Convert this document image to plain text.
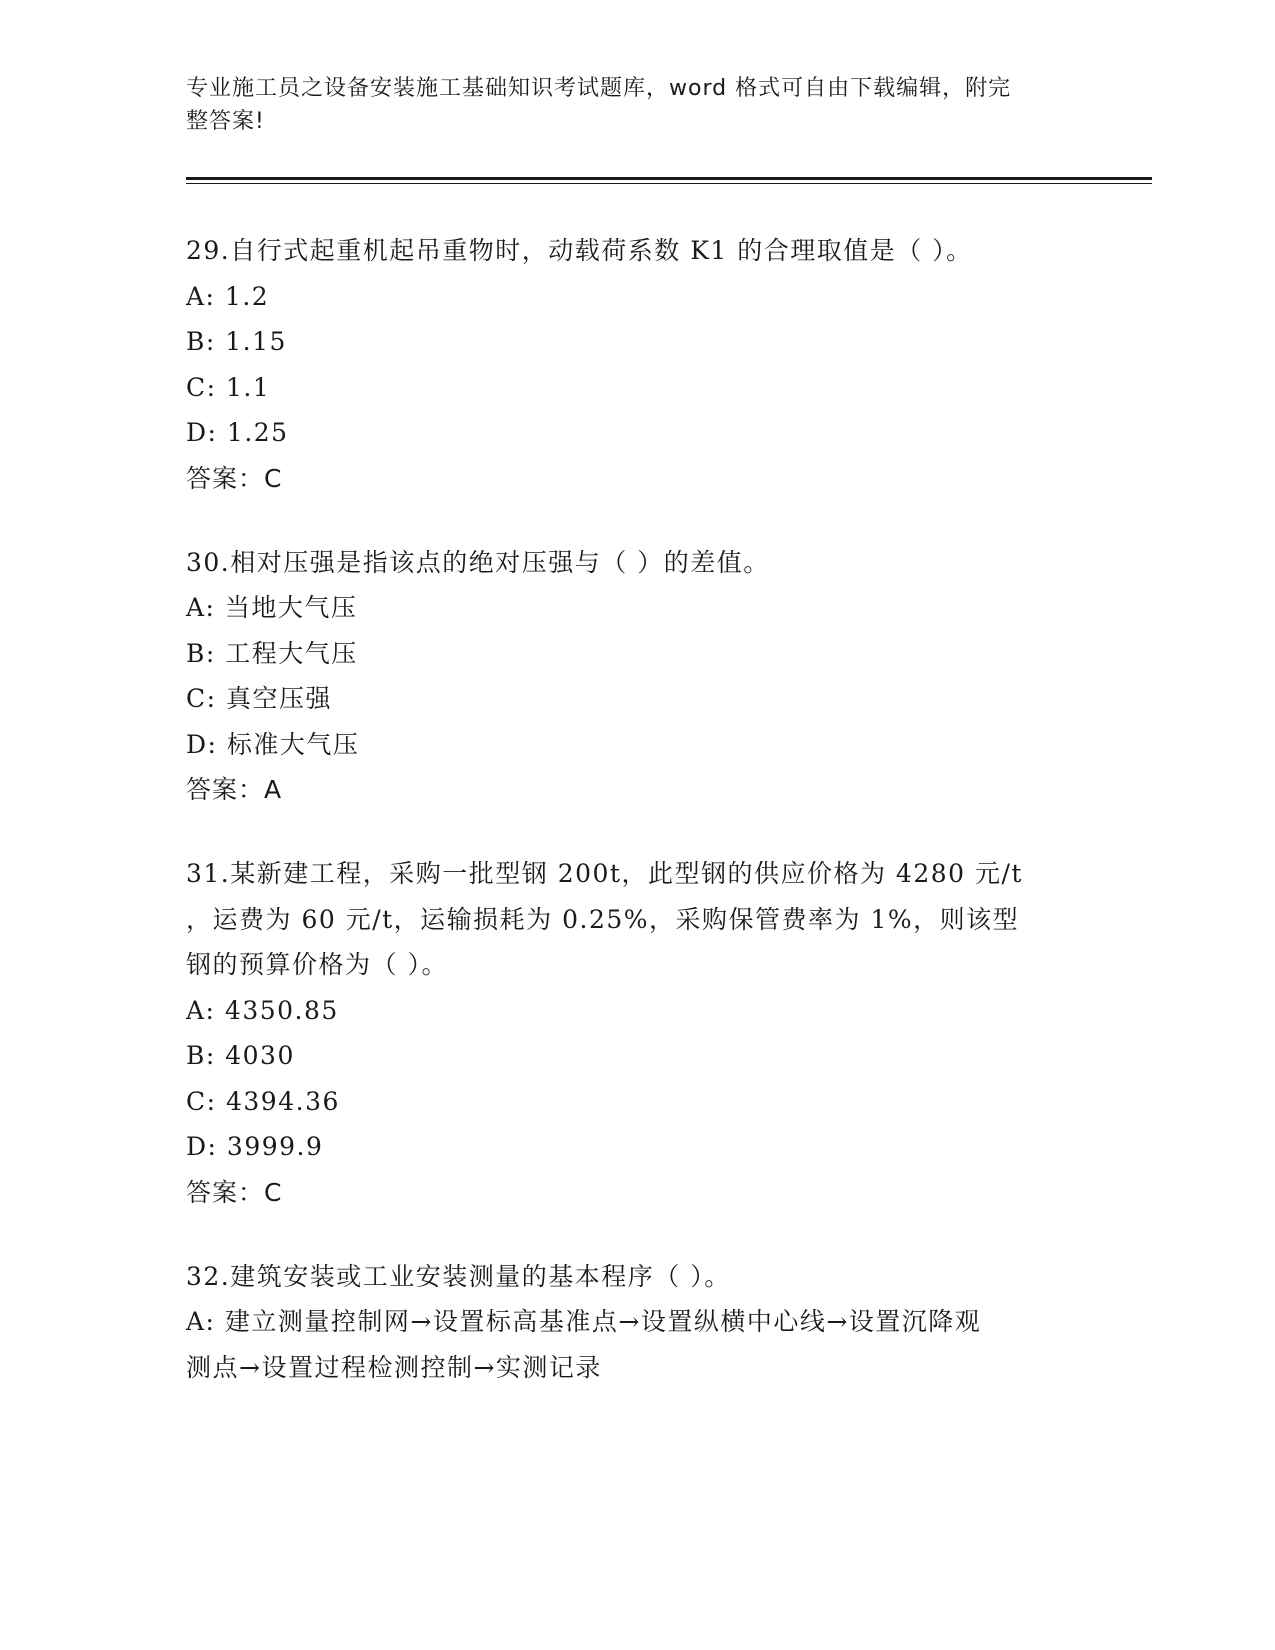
专业施工员之设备安装施工基础知识考试题库，word 格式可自由下载编辑，附完
整答案!
29.自行式起重机起吊重物时，动载荷系数 K1 的合理取值是（ ）。
A: 1.2
B: 1.15
C: 1.1
D: 1.25
答案：C
30.相对压强是指该点的绝对压强与（ ）的差值。
A: 当地大气压
B: 工程大气压
C: 真空压强
D: 标准大气压
答案：A
31.某新建工程，采购一批型钢 200t，此型钢的供应价格为 4280 元/t
，运费为 60 元/t，运输损耗为 0.25%，采购保管费率为 1%，则该型
钢的预算价格为（ ）。
A: 4350.85
B: 4030
C: 4394.36
D: 3999.9
答案：C
32.建筑安装或工业安装测量的基本程序（ ）。
A: 建立测量控制网→设置标高基准点→设置纵横中心线→设置沉降观
测点→设置过程检测控制→实测记录
